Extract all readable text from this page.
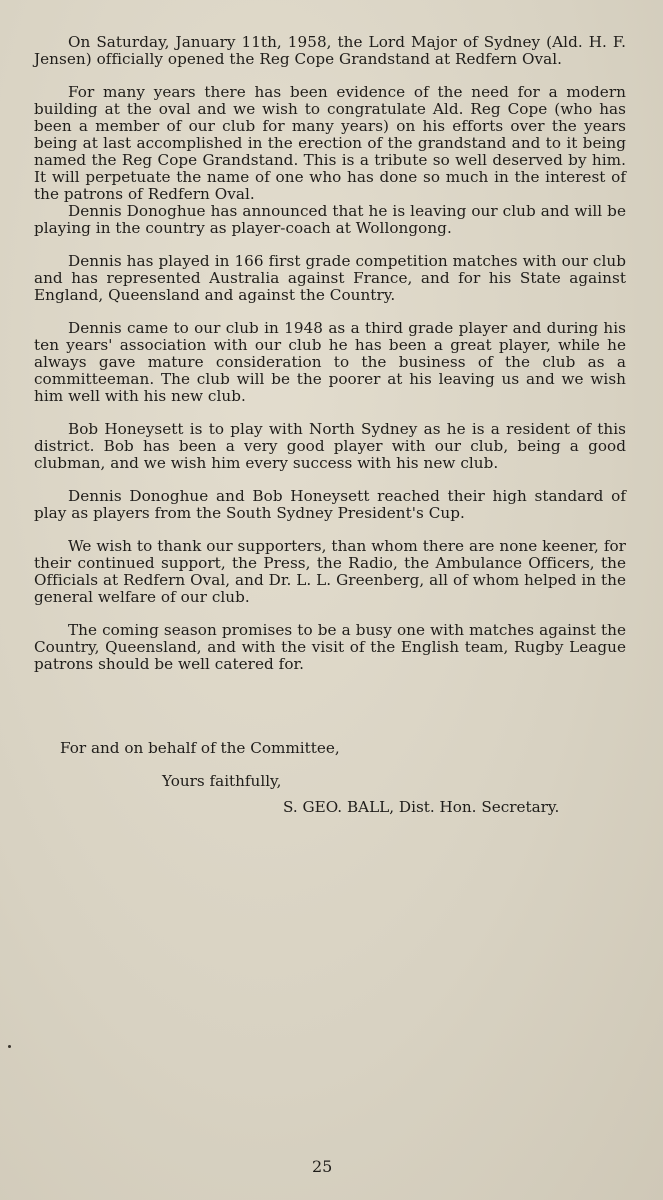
On Saturday, January 11th, 1958, the Lord Major of Sydney (Ald. H. F. Jensen) officially opened the Reg Cope Grandstand at Redfern Oval.

For many years there has been evidence of the need for a modern building at the oval and we wish to congratulate Ald. Reg Cope (who has been a member of our club for many years) on his efforts over the years being at last accomplished in the erection of the grandstand and to it being named the Reg Cope Grandstand. This is a tribute so well deserved by him. It will perpetuate the name of one who has done so much in the interest of the patrons of Redfern Oval.

Dennis Donoghue has announced that he is leaving our club and will be playing in the country as player-coach at Wollongong.

Dennis has played in 166 first grade competition matches with our club and has represented Australia against France, and for his State against England, Queensland and against the Country.

Dennis came to our club in 1948 as a third grade player and during his ten years' association with our club he has been a great player, while he always gave mature consideration to the business of the club as a committeeman. The club will be the poorer at his leaving us and we wish him well with his new club.

Bob Honeysett is to play with North Sydney as he is a resident of this district. Bob has been a very good player with our club, being a good clubman, and we wish him every success with his new club.

Dennis Donoghue and Bob Honeysett reached their high standard of play as players from the South Sydney President's Cup.

We wish to thank our supporters, than whom there are none keener, for their continued support, the Press, the Radio, the Ambulance Officers, the Officials at Redfern Oval, and Dr. L. L. Greenberg, all of whom helped in the general welfare of our club.

The coming season promises to be a busy one with matches against the Country, Queensland, and with the visit of the English team, Rugby League patrons should be well catered for.

For and on behalf of the Committee,
Yours faithfully,
S. GEO. BALL, Dist. Hon. Secretary.
25
